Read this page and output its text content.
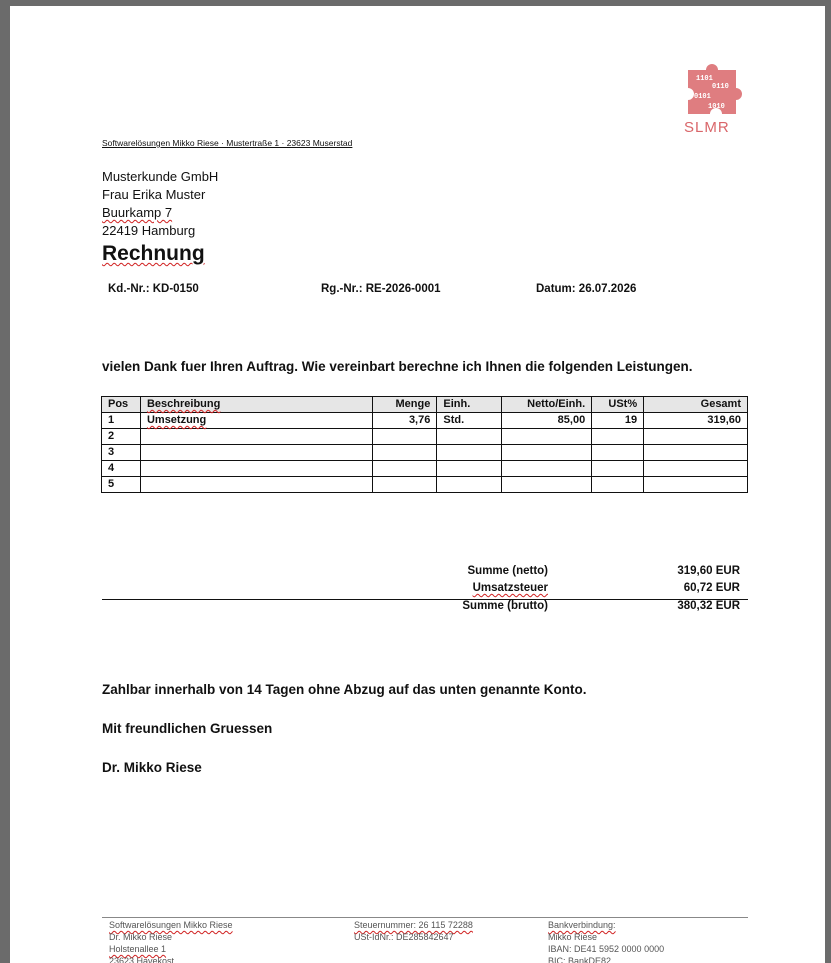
1101
0110
0101
1010
SLMR
Softwarelösungen Mikko Riese · Mustertraße 1 · 23623 Muserstad
Musterkunde GmbH
Frau Erika Muster
Buurkamp 7
22419 Hamburg
Rechnung
Kd.-Nr.: KD-0150	Rg.-Nr.: RE-2026-0001	Datum: 26.07.2026
vielen Dank fuer Ihren Auftrag. Wie vereinbart berechne ich Ihnen die folgenden Leistungen.
Pos	Beschreibung	Menge	Einh.	Netto/Einh.	USt%	Gesamt
1	Umsetzung	3,76	Std.	85,00	19	319,60
2						
3						
4						
5						
Summe (netto)	319,60 EUR
Umsatzsteuer	60,72 EUR
Summe (brutto)	380,32 EUR
Zahlbar innerhalb von 14 Tagen ohne Abzug auf das unten genannte Konto.
Mit freundlichen Gruessen
Dr. Mikko Riese
Softwarelösungen Mikko Riese
Dr. Mikko Riese
Holstenallee 1
23623 Havekost
Steuernummer: 26 115 72288
USt-IdNr.: DE285842647
Bankverbindung:
Mikko Riese
IBAN: DE41 5952 0000 0000
BIC: BankDE82
